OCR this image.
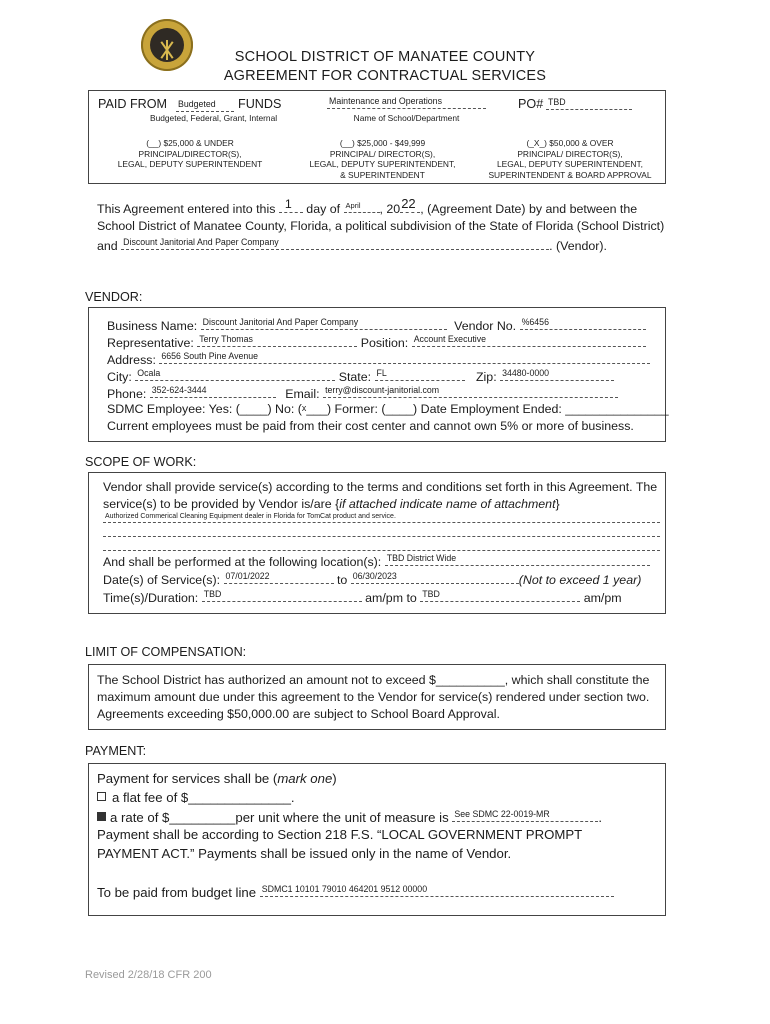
SCHOOL DISTRICT OF MANATEE COUNTY
AGREEMENT FOR CONTRACTUAL SERVICES
PAID FROM Budgeted FUNDS
Budgeted, Federal, Grant, Internal
Maintenance and Operations
Name of School/Department
PO# TBD
(__) $25,000 & UNDER
PRINCIPAL/DIRECTOR(S),
LEGAL, DEPUTY SUPERINTENDENT
(__) $25,000 - $49,999
PRINCIPAL/ DIRECTOR(S),
LEGAL, DEPUTY SUPERINTENDENT,
& SUPERINTENDENT
(_X_) $50,000 & OVER
PRINCIPAL/ DIRECTOR(S),
LEGAL, DEPUTY SUPERINTENDENT,
SUPERINTENDENT & BOARD APPROVAL
This Agreement entered into this 1 day of April , 20 22 , (Agreement Date) by and between the
School District of Manatee County, Florida, a political subdivision of the State of Florida (School District)
and Discount Janitorial And Paper Company	. (Vendor).
VENDOR:
Business Name: Discount Janitorial And Paper Company	Vendor No. %6456
Representative: Terry Thomas	Position: Account Executive
Address: 6656 South Pine Avenue
City: Ocala	State: FL	Zip: 34480-0000
Phone: 352-624-3444	Email: terry@discount-janitorial.com
SDMC Employee: Yes: (____) No: (x___) Former: (____) Date Employment Ended: _______________
Current employees must be paid from their cost center and cannot own 5% or more of business.
SCOPE OF WORK:
Vendor shall provide service(s) according to the terms and conditions set forth in this Agreement. The
service(s) to be provided by Vendor is/are {if attached indicate name of attachment}
Authorized Commerical Cleaning Equipment dealer in Florida for TomCat product and service.
And shall be performed at the following location(s): TBD District Wide
Date(s) of Service(s): 07/01/2022	to 06/30/2023	(Not to exceed 1 year)
Time(s)/Duration: TBD	am/pm to TBD	am/pm
LIMIT OF COMPENSATION:
The School District has authorized an amount not to exceed $__________, which shall constitute the
maximum amount due under this agreement to the Vendor for service(s) rendered under section two.
Agreements exceeding $50,000.00 are subject to School Board Approval.
PAYMENT:
Payment for services shall be (mark one)
a flat fee of $______________.
a rate of $_________per unit where the unit of measure is See SDMC 22-0019-MR	.
Payment shall be according to Section 218 F.S. “LOCAL GOVERNMENT PROMPT
PAYMENT ACT.” Payments shall be issued only in the name of Vendor.
To be paid from budget line SDMC1 10101 79010 464201 9512 00000
Revised 2/28/18 CFR 200
